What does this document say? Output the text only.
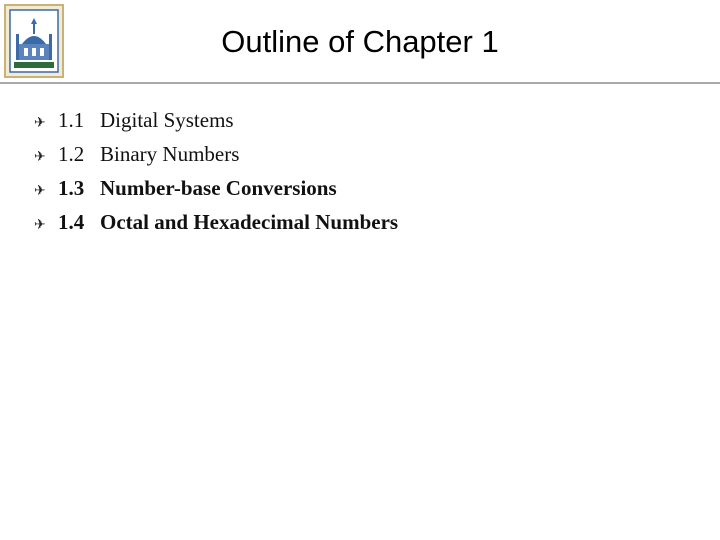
Outline of Chapter 1
✈ 1.1 Digital Systems
✈ 1.2 Binary Numbers
✈ 1.3 Number-base Conversions
✈ 1.4 Octal and Hexadecimal Numbers
